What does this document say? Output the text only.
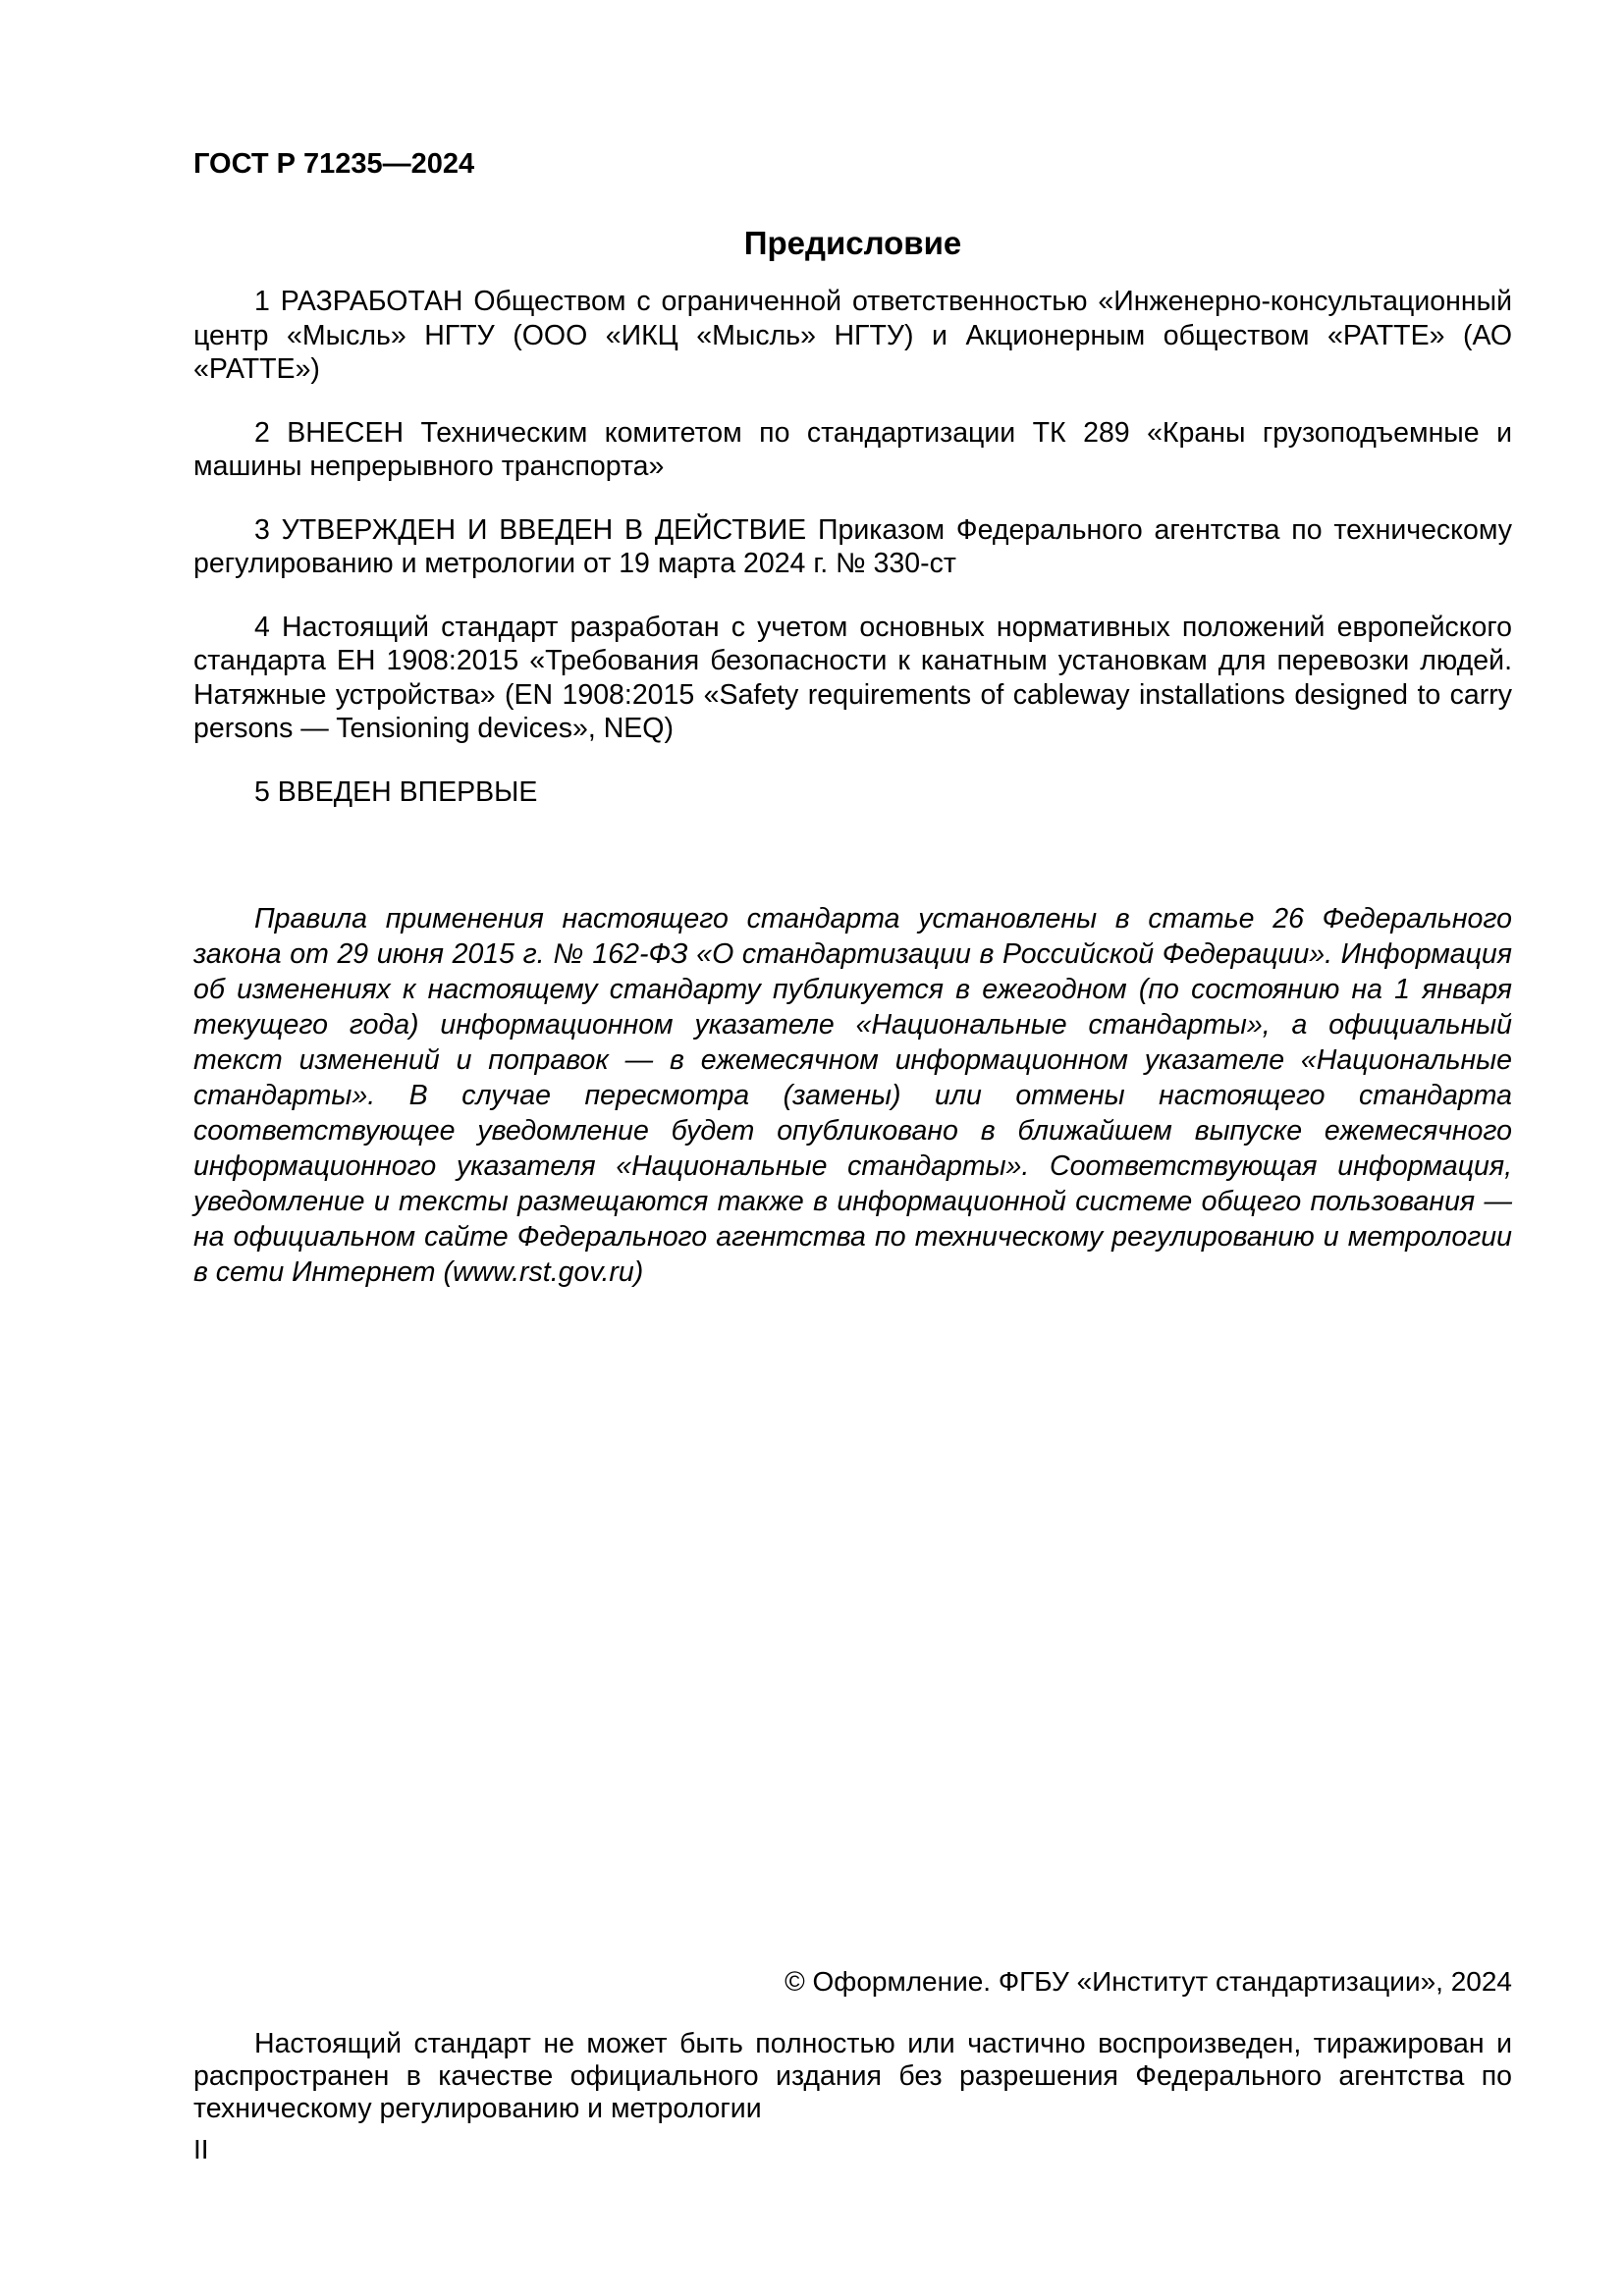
ГОСТ Р 71235—2024
Предисловие

1 РАЗРАБОТАН Обществом с ограниченной ответственностью «Инженерно-консультационный центр «Мысль» НГТУ (ООО «ИКЦ «Мысль» НГТУ) и Акционерным обществом «РАТТЕ» (АО «РАТТЕ»)

2 ВНЕСЕН Техническим комитетом по стандартизации ТК 289 «Краны грузоподъемные и машины непрерывного транспорта»

3 УТВЕРЖДЕН И ВВЕДЕН В ДЕЙСТВИЕ Приказом Федерального агентства по техническому регулированию и метрологии от 19 марта 2024 г. № 330-ст

4 Настоящий стандарт разработан с учетом основных нормативных положений европейского стандарта ЕН 1908:2015 «Требования безопасности к канатным установкам для перевозки людей. Натяжные устройства» (EN 1908:2015 «Safety requirements of cableway installations designed to carry persons — Tensioning devices», NEQ)

5 ВВЕДЕН ВПЕРВЫЕ

Правила применения настоящего стандарта установлены в статье 26 Федерального закона от 29 июня 2015 г. № 162-ФЗ «О стандартизации в Российской Федерации». Информация об изменениях к настоящему стандарту публикуется в ежегодном (по состоянию на 1 января текущего года) информационном указателе «Национальные стандарты», а официальный текст изменений и поправок — в ежемесячном информационном указателе «Национальные стандарты». В случае пересмотра (замены) или отмены настоящего стандарта соответствующее уведомление будет опубликовано в ближайшем выпуске ежемесячного информационного указателя «Национальные стандарты». Соответствующая информация, уведомление и тексты размещаются также в информационной системе общего пользования — на официальном сайте Федерального агентства по техническому регулированию и метрологии в сети Интернет (www.rst.gov.ru)

© Оформление. ФГБУ «Институт стандартизации», 2024

Настоящий стандарт не может быть полностью или частично воспроизведен, тиражирован и распространен в качестве официального издания без разрешения Федерального агентства по техническому регулированию и метрологии

II
